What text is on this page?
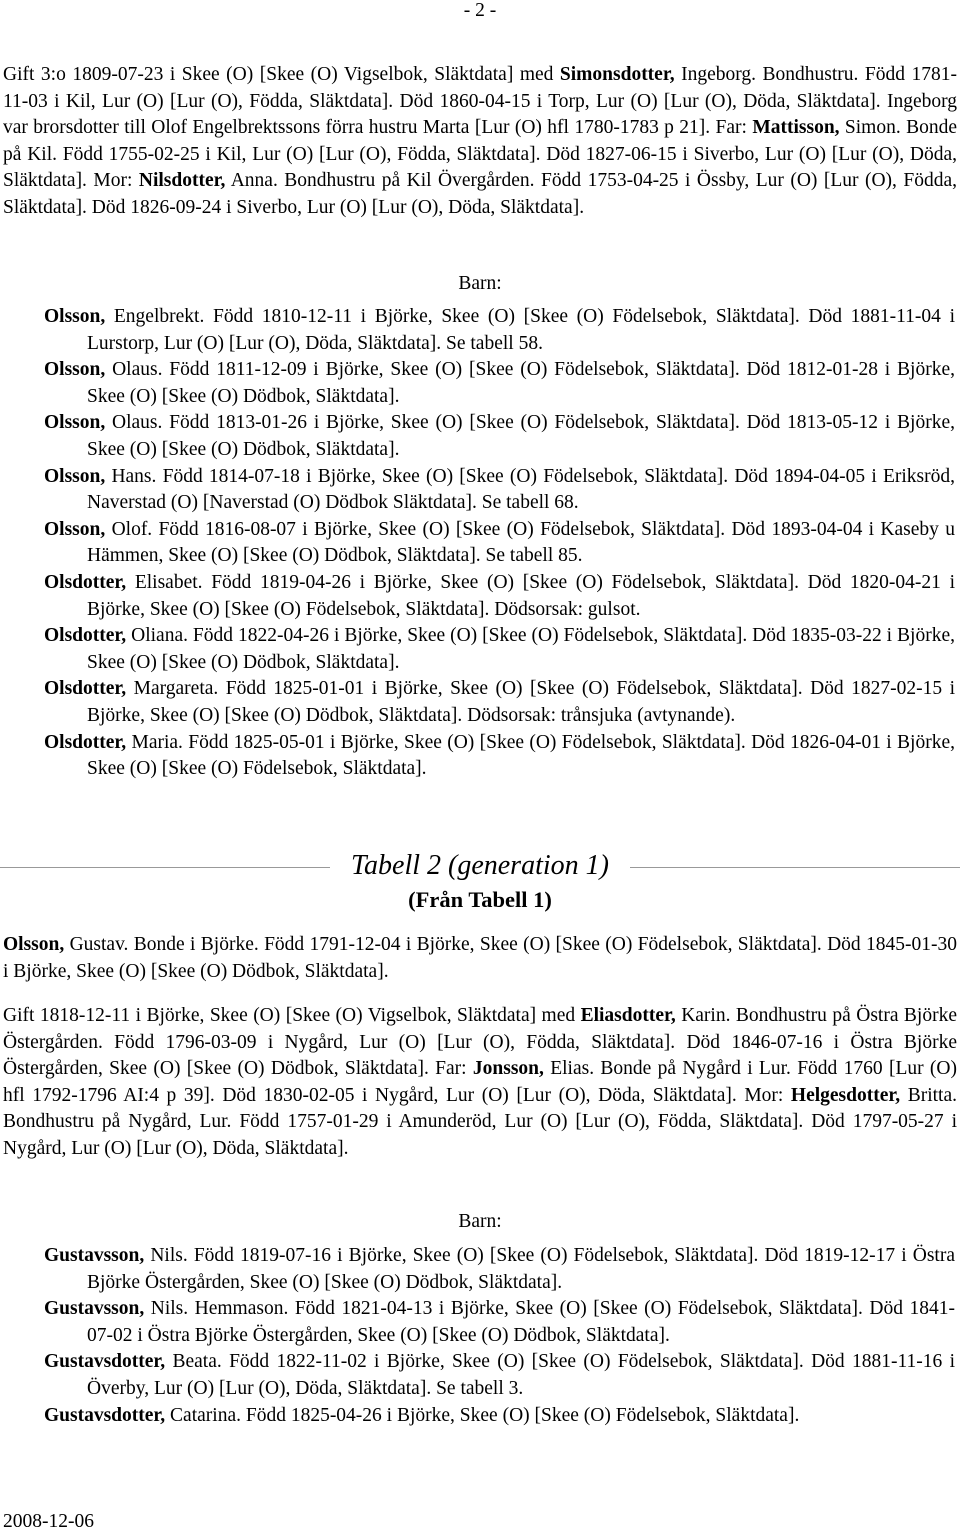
- 2 -
Gift 3:o 1809-07-23 i Skee (O) [Skee (O) Vigselbok, Släktdata] med Simonsdotter, Ingeborg. Bondhustru. Född 1781-11-03 i Kil, Lur (O) [Lur (O), Födda, Släktdata]. Död 1860-04-15 i Torp, Lur (O) [Lur (O), Döda, Släktdata]. Ingeborg var brorsdotter till Olof Engelbrektssons förra hustru Marta [Lur (O) hfl 1780-1783 p 21]. Far: Mattisson, Simon. Bonde på Kil. Född 1755-02-25 i Kil, Lur (O) [Lur (O), Födda, Släktdata]. Död 1827-06-15 i Siverbo, Lur (O) [Lur (O), Döda, Släktdata]. Mor: Nilsdotter, Anna. Bondhustru på Kil Övergården. Född 1753-04-25 i Össby, Lur (O) [Lur (O), Födda, Släktdata]. Död 1826-09-24 i Siverbo, Lur (O) [Lur (O), Döda, Släktdata].
Barn:

Olsson, Engelbrekt. Född 1810-12-11 i Björke, Skee (O) [Skee (O) Födelsebok, Släktdata]. Död 1881-11-04 i Lurstorp, Lur (O) [Lur (O), Döda, Släktdata]. Se tabell 58.

Olsson, Olaus. Född 1811-12-09 i Björke, Skee (O) [Skee (O) Födelsebok, Släktdata]. Död 1812-01-28 i Björke, Skee (O) [Skee (O) Dödbok, Släktdata].

Olsson, Olaus. Född 1813-01-26 i Björke, Skee (O) [Skee (O) Födelsebok, Släktdata]. Död 1813-05-12 i Björke, Skee (O) [Skee (O) Dödbok, Släktdata].

Olsson, Hans. Född 1814-07-18 i Björke, Skee (O) [Skee (O) Födelsebok, Släktdata]. Död 1894-04-05 i Eriksröd, Naverstad (O) [Naverstad (O) Dödbok Släktdata]. Se tabell 68.

Olsson, Olof. Född 1816-08-07 i Björke, Skee (O) [Skee (O) Födelsebok, Släktdata]. Död 1893-04-04 i Kaseby u Hämmen, Skee (O) [Skee (O) Dödbok, Släktdata]. Se tabell 85.

Olsdotter, Elisabet. Född 1819-04-26 i Björke, Skee (O) [Skee (O) Födelsebok, Släktdata]. Död 1820-04-21 i Björke, Skee (O) [Skee (O) Födelsebok, Släktdata]. Dödsorsak: gulsot.

Olsdotter, Oliana. Född 1822-04-26 i Björke, Skee (O) [Skee (O) Födelsebok, Släktdata]. Död 1835-03-22 i Björke, Skee (O) [Skee (O) Dödbok, Släktdata].

Olsdotter, Margareta. Född 1825-01-01 i Björke, Skee (O) [Skee (O) Födelsebok, Släktdata]. Död 1827-02-15 i Björke, Skee (O) [Skee (O) Dödbok, Släktdata]. Dödsorsak: trånsjuka (avtynande).

Olsdotter, Maria. Född 1825-05-01 i Björke, Skee (O) [Skee (O) Födelsebok, Släktdata]. Död 1826-04-01 i Björke, Skee (O) [Skee (O) Födelsebok, Släktdata].

Tabell 2 (generation 1)
(Från Tabell 1)
Olsson, Gustav. Bonde i Björke. Född 1791-12-04 i Björke, Skee (O) [Skee (O) Födelsebok, Släktdata]. Död 1845-01-30 i Björke, Skee (O) [Skee (O) Dödbok, Släktdata].
Gift 1818-12-11 i Björke, Skee (O) [Skee (O) Vigselbok, Släktdata] med Eliasdotter, Karin. Bondhustru på Östra Björke Östergården. Född 1796-03-09 i Nygård, Lur (O) [Lur (O), Födda, Släktdata]. Död 1846-07-16 i Östra Björke Östergården, Skee (O) [Skee (O) Dödbok, Släktdata]. Far: Jonsson, Elias. Bonde på Nygård i Lur. Född 1760 [Lur (O) hfl 1792-1796 AI:4 p 39]. Död 1830-02-05 i Nygård, Lur (O) [Lur (O), Döda, Släktdata]. Mor: Helgesdotter, Britta. Bondhustru på Nygård, Lur. Född 1757-01-29 i Amunderöd, Lur (O) [Lur (O), Födda, Släktdata]. Död 1797-05-27 i Nygård, Lur (O) [Lur (O), Döda, Släktdata].
Barn:

Gustavsson, Nils. Född 1819-07-16 i Björke, Skee (O) [Skee (O) Födelsebok, Släktdata]. Död 1819-12-17 i Östra Björke Östergården, Skee (O) [Skee (O) Dödbok, Släktdata].

Gustavsson, Nils. Hemmason. Född 1821-04-13 i Björke, Skee (O) [Skee (O) Födelsebok, Släktdata]. Död 1841-07-02 i Östra Björke Östergården, Skee (O) [Skee (O) Dödbok, Släktdata].

Gustavsdotter, Beata. Född 1822-11-02 i Björke, Skee (O) [Skee (O) Födelsebok, Släktdata]. Död 1881-11-16 i Överby, Lur (O) [Lur (O), Döda, Släktdata]. Se tabell 3.

Gustavsdotter, Catarina. Född 1825-04-26 i Björke, Skee (O) [Skee (O) Födelsebok, Släktdata].

2008-12-06
